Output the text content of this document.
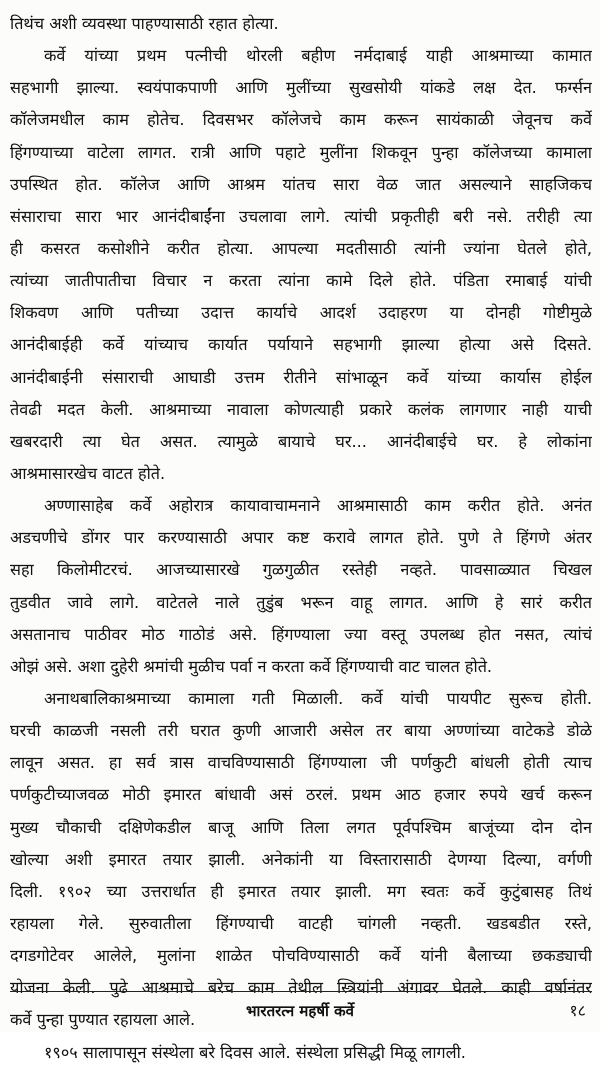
तिथंच अशी व्यवस्था पाहण्यासाठी रहात होत्या.
कर्वे यांच्या प्रथम पत्नीची थोरली बहीण नर्मदाबाई याही आश्रमाच्या कामात
सहभागी झाल्या. स्वयंपाकपाणी आणि मुलींच्या सुखसोयी यांकडे लक्ष देत. फर्ग्सन
कॉलेजमधील काम होतेच. दिवसभर कॉलेजचे काम करून सायंकाळी जेवूनच कर्वे
हिंगण्याच्या वाटेला लागत. रात्री आणि पहाटे मुलींना शिकवून पुन्हा कॉलेजच्या कामाला
उपस्थित होत. कॉलेज आणि आश्रम यांतच सारा वेळ जात असल्याने साहजिकच
संसाराचा सारा भार आनंदीबाईंना उचलावा लागे. त्यांची प्रकृतीही बरी नसे. तरीही त्या
ही कसरत कसोशीने करीत होत्या. आपल्या मदतीसाठी त्यांनी ज्यांना घेतले होते,
त्यांच्या जातीपातीचा विचार न करता त्यांना कामे दिले होते. पंडिता रमाबाई यांची
शिकवण आणि पतीच्या उदात्त कार्याचे आदर्श उदाहरण या दोनही गोष्टीमुळे
आनंदीबाईही कर्वे यांच्याच कार्यात पर्यायाने सहभागी झाल्या होत्या असे दिसते.
आनंदीबाईनी संसाराची आघाडी उत्तम रीतीने सांभाळून कर्वे यांच्या कार्यास होईल
तेवढी मदत केली. आश्रमाच्या नावाला कोणत्याही प्रकारे कलंक लागणार नाही याची
खबरदारी त्या घेत असत. त्यामुळे बायाचे घर... आनंदीबाईचे घर. हे लोकांना
आश्रमासारखेच वाटत होते.
अण्णासाहेब कर्वे अहोरात्र कायावाचामनाने आश्रमासाठी काम करीत होते. अनंत
अडचणीचे डोंगर पार करण्यासाठी अपार कष्ट करावे लागत होते. पुणे ते हिंगणे अंतर
सहा किलोमीटरचं. आजच्यासारखे गुळगुळीत रस्तेही नव्हते. पावसाळ्यात चिखल
तुडवीत जावे लागे. वाटेतले नाले तुडुंब भरून वाहू लागत. आणि हे सारं करीत
असतानाच पाठीवर मोठ गाठोडं असे. हिंगण्याला ज्या वस्तू उपलब्ध होत नसत, त्यांचं
ओझं असे. अशा दुहेरी श्रमांची मुळीच पर्वा न करता कर्वे हिंगण्याची वाट चालत होते.
अनाथबालिकाश्रमाच्या कामाला गती मिळाली. कर्वे यांची पायपीट सुरूच होती.
घरची काळजी नसली तरी घरात कुणी आजारी असेल तर बाया अण्णांच्या वाटेकडे डोळे
लावून असत. हा सर्व त्रास वाचविण्यासाठी हिंगण्याला जी पर्णकुटी बांधली होती त्याच
पर्णकुटीच्याजवळ मोठी इमारत बांधावी असं ठरलं. प्रथम आठ हजार रुपये खर्च करून
मुख्य चौकाची दक्षिणेकडील बाजू आणि तिला लगत पूर्वपश्चिम बाजूंच्या दोन दोन
खोल्या अशी इमारत तयार झाली. अनेकांनी या विस्तारासाठी देणग्या दिल्या, वर्गणी
दिली. १९०२ च्या उत्तरार्धात ही इमारत तयार झाली. मग स्वतः कर्वे कुटुंबासह तिथं
रहायला गेले. सुरुवातीला हिंगण्याची वाटही चांगली नव्हती. खडबडीत रस्ते,
दगडगोटेवर आलेले, मुलांना शाळेत पोचविण्यासाठी कर्वे यांनी बैलाच्या छकड्याची
योजना केली. पुढे आश्रमाचे बरेच काम तेथील स्त्रियांनी अंगावर घेतले. काही वर्षानंतर
कर्वे पुन्हा पुण्यात रहायला आले.
१९०५ सालापासून संस्थेला बरे दिवस आले. संस्थेला प्रसिद्धी मिळू लागली.
भारतरत्न महर्षी कर्वे	१८
